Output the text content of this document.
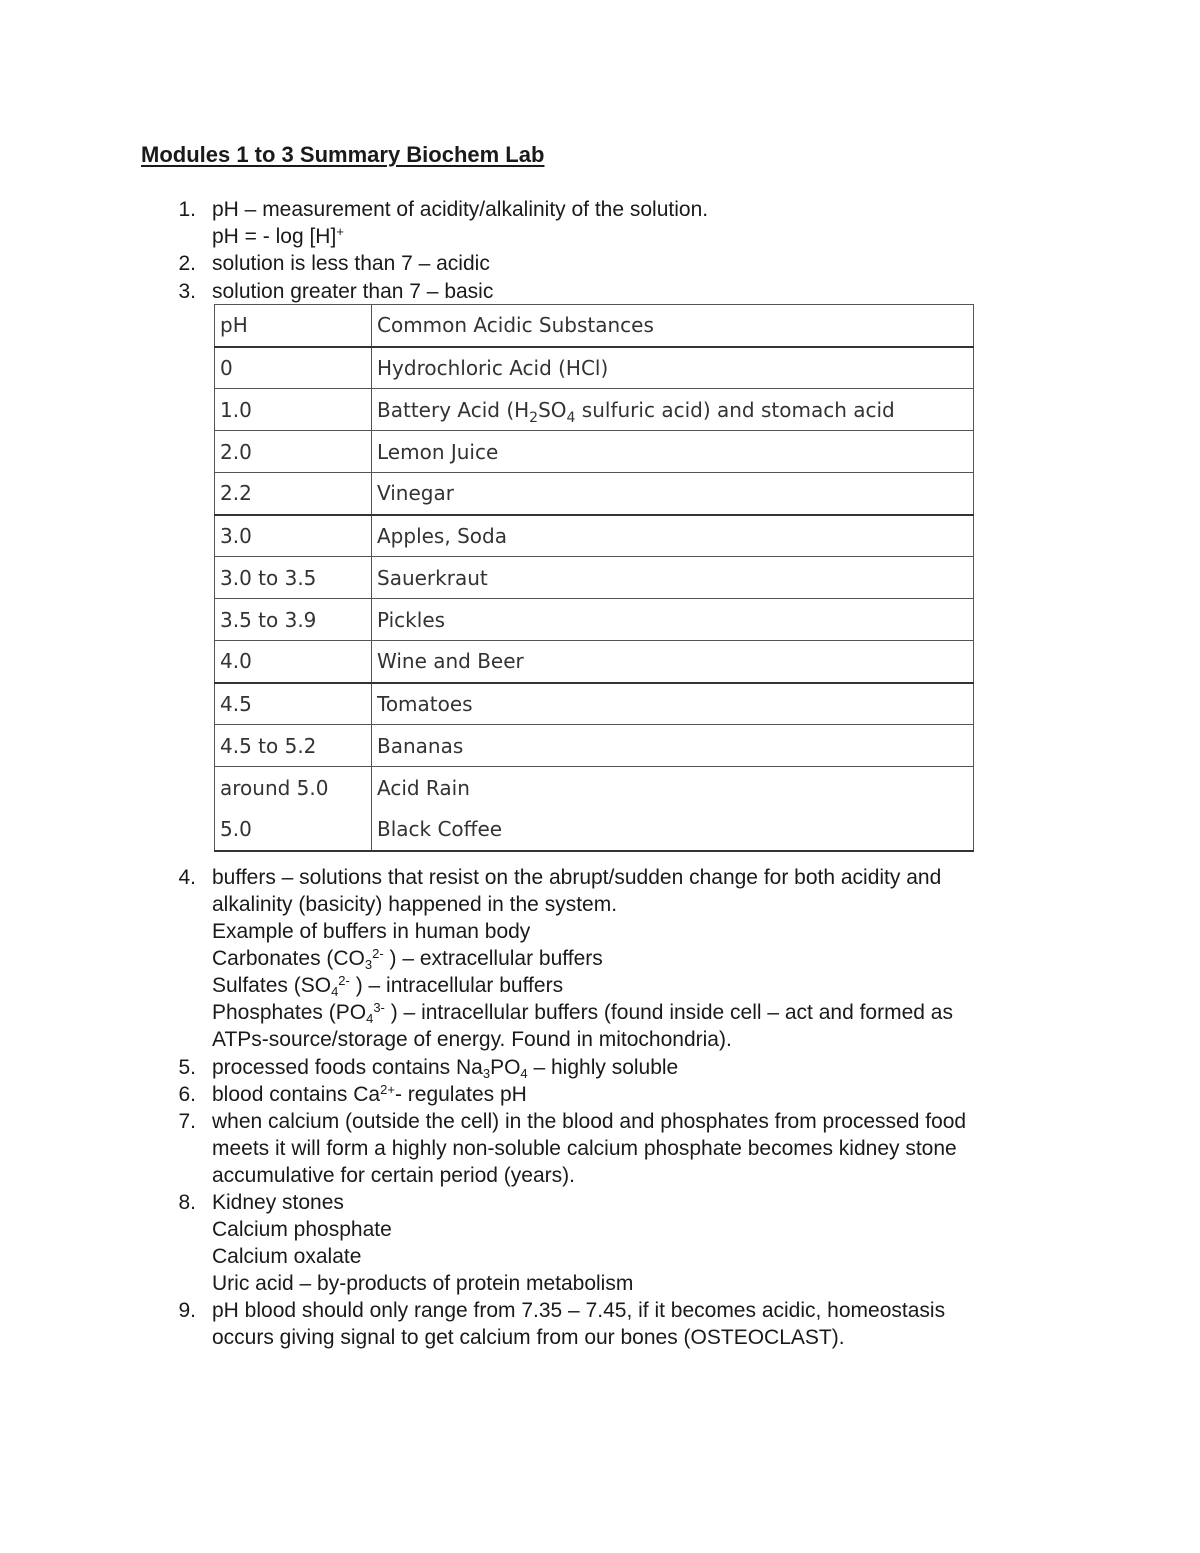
Modules 1 to 3 Summary Biochem Lab
1. pH – measurement of acidity/alkalinity of the solution.
pH = - log [H]+
2. solution is less than 7 – acidic
3. solution greater than 7 – basic
pH	Common Acidic Substances
0	Hydrochloric Acid (HCl)
1.0	Battery Acid ($H_2SO_4$ sulfuric acid) and stomach acid
2.0	Lemon Juice
2.2	Vinegar
3.0	Apples, Soda
3.0 to 3.5	Sauerkraut
3.5 to 3.9	Pickles
4.0	Wine and Beer
4.5	Tomatoes
4.5 to 5.2	Bananas
around 5.0	Acid Rain
5.0	Black Coffee
4. buffers – solutions that resist on the abrupt/sudden change for both acidity and
alkalinity (basicity) happened in the system.
Example of buffers in human body
Carbonates ($CO_3^{2-}$ ) – extracellular buffers
Sulfates ($SO_4^{2-}$ ) – intracellular buffers
Phosphates ($PO_4^{3-}$ ) – intracellular buffers (found inside cell – act and formed as
ATPs-source/storage of energy. Found in mitochondria).
5. processed foods contains $Na_3PO_4$ – highly soluble
6. blood contains $Ca^{2+}-$ regulates pH
7. when calcium (outside the cell) in the blood and phosphates from processed food
meets it will form a highly non-soluble calcium phosphate becomes kidney stone
accumulative for certain period (years).
8. Kidney stones
Calcium phosphate
Calcium oxalate
Uric acid – by-products of protein metabolism
9. pH blood should only range from 7.35 – 7.45, if it becomes acidic, homeostasis
occurs giving signal to get calcium from our bones (OSTEOCLAST).
